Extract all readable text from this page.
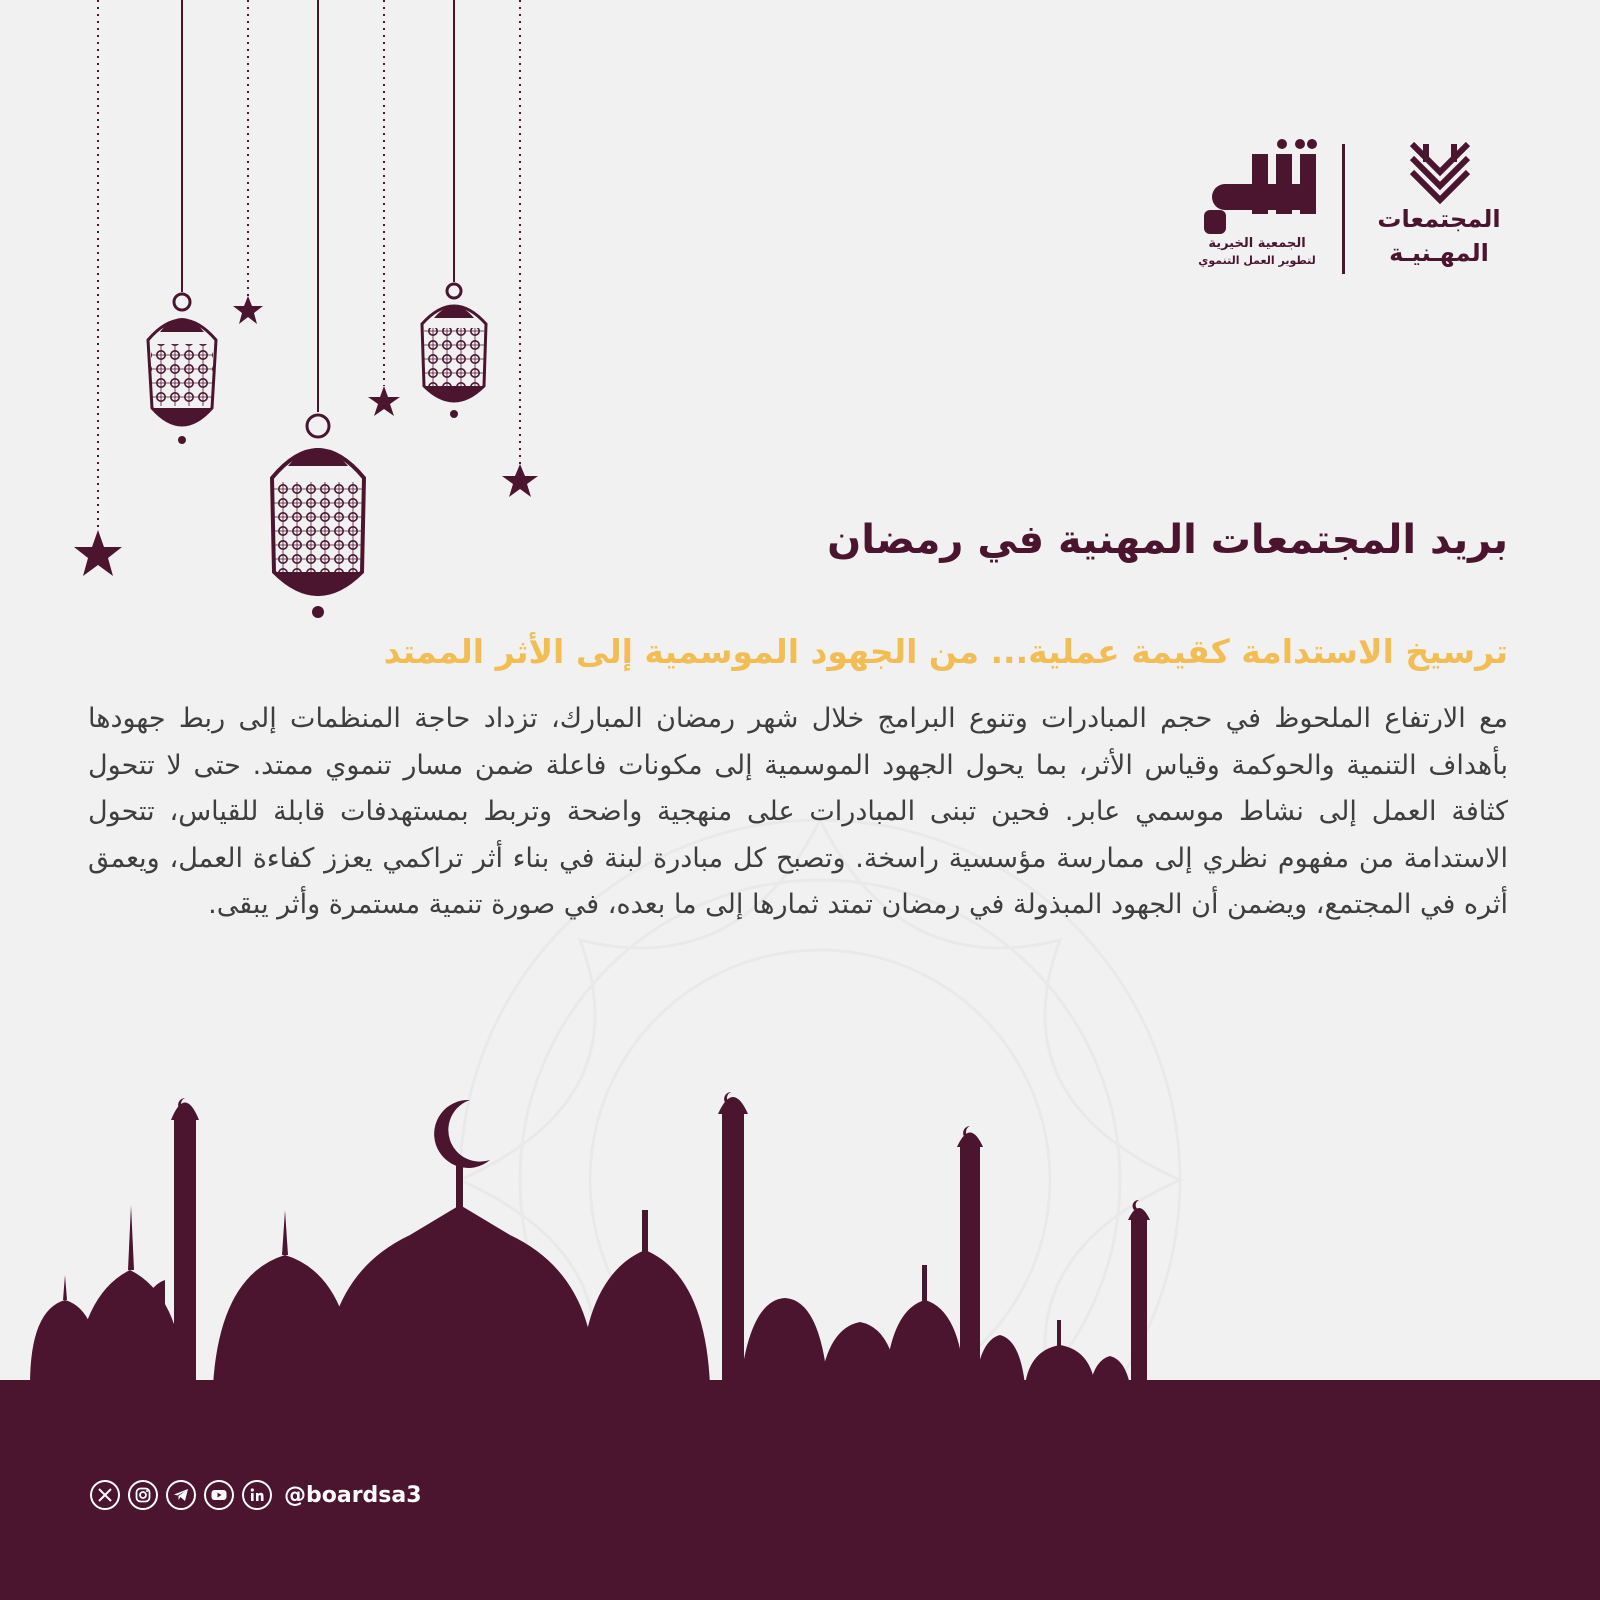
المجتمعات
المهـنيـة
الجمعية الخيرية
لتطوير العمل التنموي
بريد المجتمعات المهنية في رمضان
ترسيخ الاستدامة كقيمة عملية... من الجهود الموسمية إلى الأثر الممتد

مع الارتفاع الملحوظ في حجم المبادرات وتنوع البرامج خلال شهر رمضان المبارك، تزداد حاجة المنظمات إلى ربط جهودها بأهداف التنمية والحوكمة وقياس الأثر، بما يحول الجهود الموسمية إلى مكونات فاعلة ضمن مسار تنموي ممتد. حتى لا تتحول كثافة العمل إلى نشاط موسمي عابر. فحين تبنى المبادرات على منهجية واضحة وتربط بمستهدفات قابلة للقياس، تتحول الاستدامة من مفهوم نظري إلى ممارسة مؤسسية راسخة. وتصبح كل مبادرة لبنة في بناء أثر تراكمي يعزز كفاءة العمل، ويعمق أثره في المجتمع، ويضمن أن الجهود المبذولة في رمضان تمتد ثمارها إلى ما بعده، في صورة تنمية مستمرة وأثر يبقى.

@boardsa3
